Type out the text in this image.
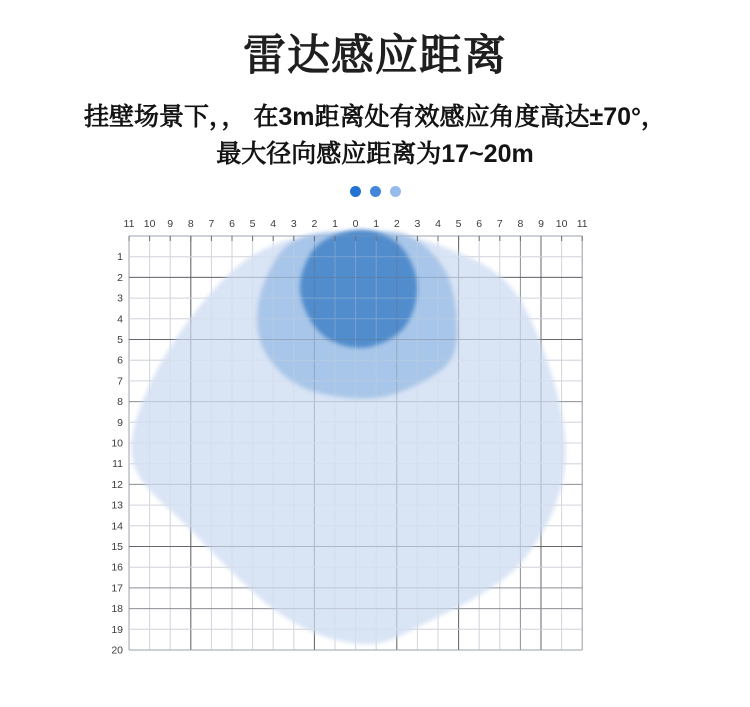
雷达感应距离
挂壁场景下，， 在3m距离处有效感应角度高达±70°，
最大径向感应距离为17~20m
11 10 9 8 7 6 5 4 3 2 1 0 1 2 3 4 5 6 7 8 9 10 11
1
2
3
4
5
6
7
8
9
10
11
12
13
14
15
16
17
18
19
20
